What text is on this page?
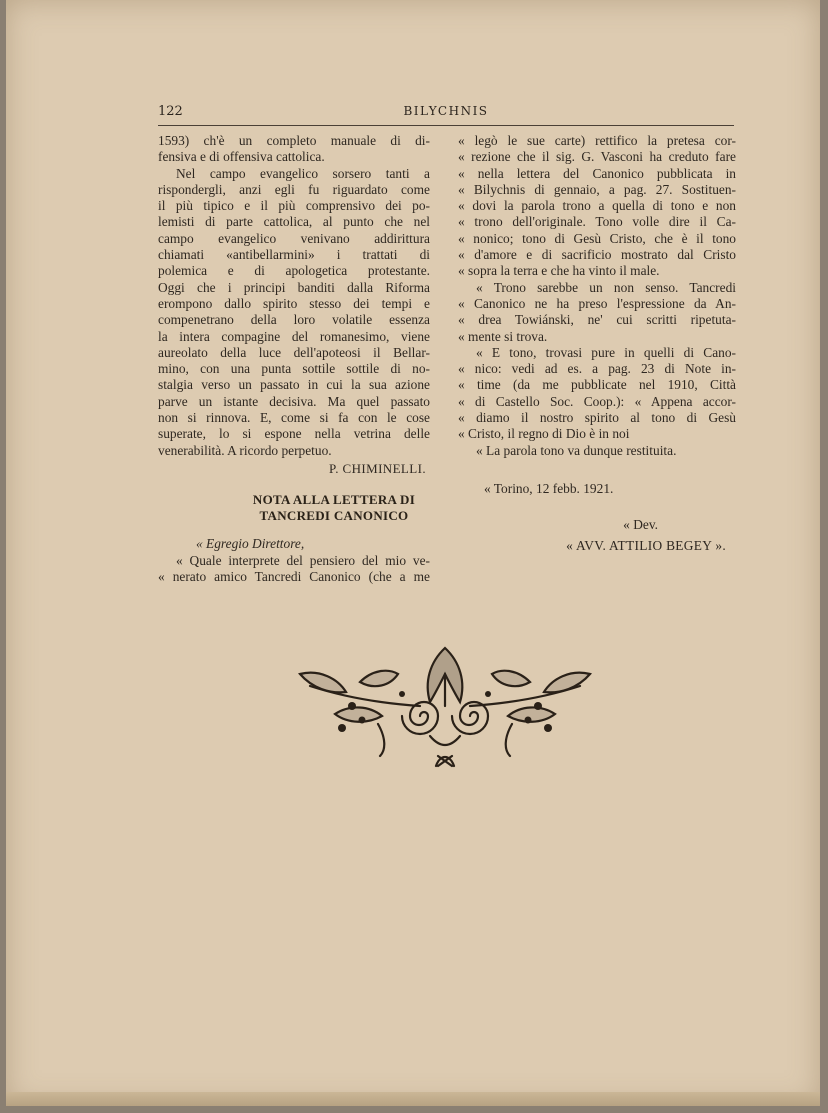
122	BILYCHNIS
1593) ch'è un completo manuale di di-
fensiva e di offensiva cattolica.
Nel campo evangelico sorsero tanti a
rispondergli, anzi egli fu riguardato come
il più tipico e il più comprensivo dei po-
lemisti di parte cattolica, al punto che nel
campo evangelico venivano addirittura
chiamati «antibellarmini» i trattati di
polemica e di apologetica protestante.
Oggi che i principi banditi dalla Riforma
erompono dallo spirito stesso dei tempi e
compenetrano della loro volatile essenza
la intera compagine del romanesimo, viene
aureolato della luce dell'apoteosi il Bellar-
mino, con una punta sottile sottile di no-
stalgia verso un passato in cui la sua azione
parve un istante decisiva. Ma quel passato
non si rinnova. E, come si fa con le cose
superate, lo si espone nella vetrina delle
venerabilità. A ricordo perpetuo.
P. CHIMINELLI.
NOTA ALLA LETTERA DI
TANCREDI CANONICO
« Egregio Direttore,
« Quale interprete del pensiero del mio ve-
« nerato amico Tancredi Canonico (che a me
« legò le sue carte) rettifico la pretesa cor-
« rezione che il sig. G. Vasconi ha creduto fare
« nella lettera del Canonico pubblicata in
« Bilychnis di gennaio, a pag. 27. Sostituen-
« dovi la parola trono a quella di tono e non
« trono dell'originale. Tono volle dire il Ca-
« nonico; tono di Gesù Cristo, che è il tono
« d'amore e di sacrificio mostrato dal Cristo
« sopra la terra e che ha vinto il male.
« Trono sarebbe un non senso. Tancredi
« Canonico ne ha preso l'espressione da An-
« drea Towiánski, ne' cui scritti ripetuta-
« mente si trova.
« E tono, trovasi pure in quelli di Cano-
« nico: vedi ad es. a pag. 23 di Note in-
« time (da me pubblicate nel 1910, Città
« di Castello Soc. Coop.): « Appena accor-
« diamo il nostro spirito al tono di Gesù
« Cristo, il regno di Dio è in noi
« La parola tono va dunque restituita.
« Torino, 12 febb. 1921.
« Dev.
« AVV. ATTILIO BEGEY ».
